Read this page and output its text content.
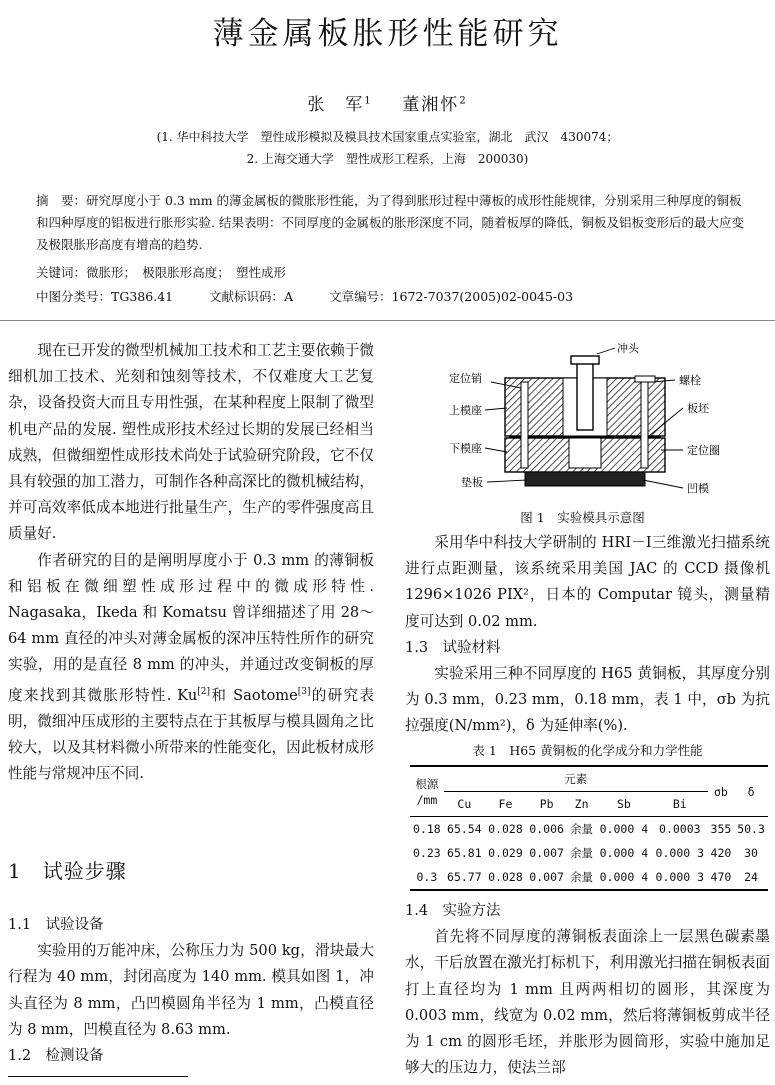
薄金属板胀形性能研究
张　军$^1$ 董湘怀$^2$
(1. 华中科技大学　塑性成形模拟及模具技术国家重点实验室，湖北　武汉　430074；
2. 上海交通大学　塑性成形工程系，上海　200030)
摘　要：研究厚度小于 0.3 mm 的薄金属板的微胀形性能，为了得到胀形过程中薄板的成形性能规律，分别采用三种厚度的铜板和四种厚度的铝板进行胀形实验. 结果表明：不同厚度的金属板的胀形深度不同，随着板厚的降低，铜板及铝板变形后的最大应变及极限胀形高度有增高的趋势.
关键词：微胀形；　极限胀形高度；　塑性成形
中图分类号：TG386.41	文献标识码：A	文章编号：1672-7037(2005)02-0045-03

现在已开发的微型机械加工技术和工艺主要依赖于微细机加工技术、光刻和蚀刻等技术，不仅难度大工艺复杂，设备投资大而且专用性强，在某种程度上限制了微型机电产品的发展. 塑性成形技术经过长期的发展已经相当成熟，但微细塑性成形技术尚处于试验研究阶段，它不仅具有较强的加工潜力，可制作各种高深比的微机械结构，并可高效率低成本地进行批量生产，生产的零件强度高且质量好.

作者研究的目的是阐明厚度小于 0.3 mm 的薄铜板和铝板在微细塑性成形过程中的微成形特性. Nagasaka，Ikeda 和 Komatsu 曾详细描述了用 28～64 mm 直径的冲头对薄金属板的深冲压特性所作的研究实验，用的是直径 8 mm 的冲头，并通过改变铜板的厚度来找到其微胀形特性. Ku[2]和 Saotome[3]的研究表明，微细冲压成形的主要特点在于其板厚与模具圆角之比较大，以及其材料微小所带来的性能变化，因此板材成形性能与常规冲压不同.

1　试验步骤
1.1　试验设备

实验用的万能冲床，公称压力为 500 kg，滑块最大行程为 40 mm，封闭高度为 140 mm. 模具如图 1，冲头直径为 8 mm，凸凹模圆角半径为 1 mm，凸模直径为 8 mm，凹模直径为 8.63 mm.

1.2　检测设备
冲头
定位销	螺栓
上模座	板坯
下模座	定位圈
垫板	凹模
图 1　实验模具示意图

采用华中科技大学研制的 HRI－Ⅰ三维激光扫描系统进行点距测量，该系统采用美国 JAC 的 CCD 摄像机 1296×1026 PIX²，日本的 Computar 镜头，测量精度可达到 0.02 mm.

1.3　试验材料

实验采用三种不同厚度的 H65 黄铜板，其厚度分别为 0.3 mm，0.23 mm，0.18 mm，表 1 中，σb 为抗拉强度(N/mm²)，δ 为延伸率(%).

表 1　H65 黄铜板的化学成分和力学性能
根源
/mm	元素						σb	δ
	Cu	Fe	Pb	Zn	Sb	Bi		
0.18	65.54	0.028	0.006	余量	0.000 4	0.0003	355	50.3
0.23	65.81	0.029	0.007	余量	0.000 4	0.000 3	420	30
0.3	65.77	0.028	0.007	余量	0.000 4	0.000 3	470	24
1.4　实验方法

首先将不同厚度的薄铜板表面涂上一层黑色碳素墨水，干后放置在激光打标机下，利用激光扫描在铜板表面打上直径均为 1 mm 且两两相切的圆形，其深度为 0.003 mm，线宽为 0.02 mm，然后将薄铜板剪成半径为 1 cm 的圆形毛坯，并胀形为圆筒形，实验中施加足够大的压边力，使法兰部
